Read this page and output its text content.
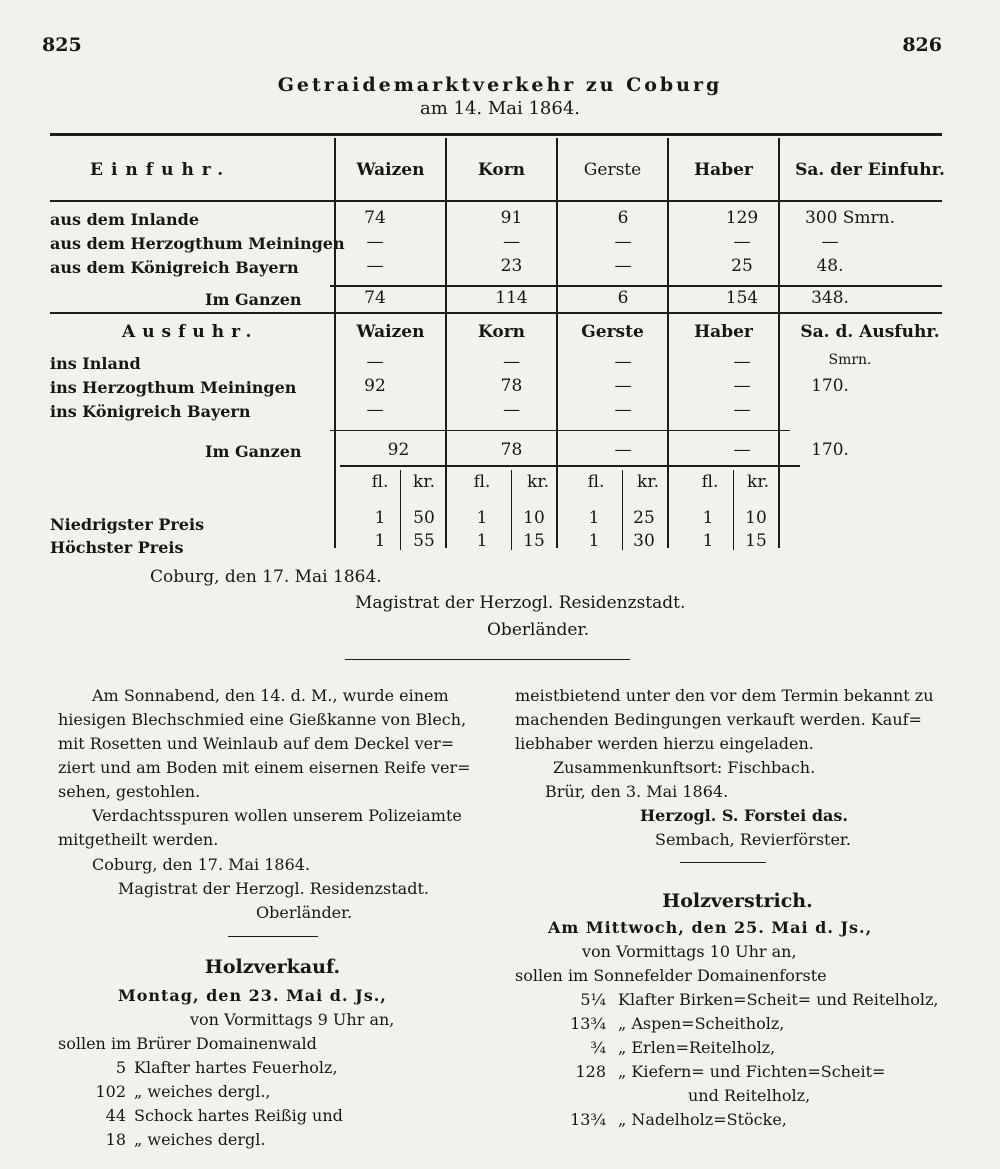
825	826
Getraidemarktverkehr zu Coburg
am 14. Mai 1864.
Einfuhr.	Waizen	Korn	Gerste	Haber	Sa. der Einfuhr.
aus dem Inlande	74	91	6	129	300 Smrn.
aus dem Herzogthum Meiningen	—	—	—	—	—
aus dem Königreich Bayern	—	23	—	25	48.
Im Ganzen	74	114	6	154	348.
Ausfuhr.	Waizen	Korn	Gerste	Haber	Sa. d. Ausfuhr.
ins Inland	—	—	—	—	Smrn.
ins Herzogthum Meiningen	92	78	—	—	170.
ins Königreich Bayern	—	—	—	—
Im Ganzen	92	78	—	—	170.
fl.	kr.	fl.	kr.	fl.	kr.	fl.	kr.
Niedrigster Preis	1	50	1	10	1	25	1	10
Höchster Preis	1	55	1	15	1	30	1	15
Coburg, den 17. Mai 1864.
Magistrat der Herzogl. Residenzstadt.
Oberländer.
Am Sonnabend, den 14. d. M., wurde einem
hiesigen Blechschmied eine Gießkanne von Blech,
mit Rosetten und Weinlaub auf dem Deckel ver=
ziert und am Boden mit einem eisernen Reife ver=
sehen, gestohlen.
Verdachtsspuren wollen unserem Polizeiamte
mitgetheilt werden.
Coburg, den 17. Mai 1864.
Magistrat der Herzogl. Residenzstadt.
Oberländer.
Holzverkauf.
Montag, den 23. Mai d. Js.,
von Vormittags 9 Uhr an,
sollen im Brürer Domainenwald
5 Klafter hartes Feuerholz,
102 „ weiches dergl.,
44 Schock hartes Reißig und
18 „ weiches dergl.
meistbietend unter den vor dem Termin bekannt zu
machenden Bedingungen verkauft werden. Kauf=
liebhaber werden hierzu eingeladen.
Zusammenkunftsort: Fischbach.
Brür, den 3. Mai 1864.
Herzogl. S. Forstei das.
Sembach, Revierförster.
Holzverstrich.
Am Mittwoch, den 25. Mai d. Js.,
von Vormittags 10 Uhr an,
sollen im Sonnefelder Domainenforste
5¼ Klafter Birken=Scheit= und Reitelholz,
13¾ „ Aspen=Scheitholz,
¾ „ Erlen=Reitelholz,
128 „ Kiefern= und Fichten=Scheit=
und Reitelholz,
13¾ „ Nadelholz=Stöcke,
